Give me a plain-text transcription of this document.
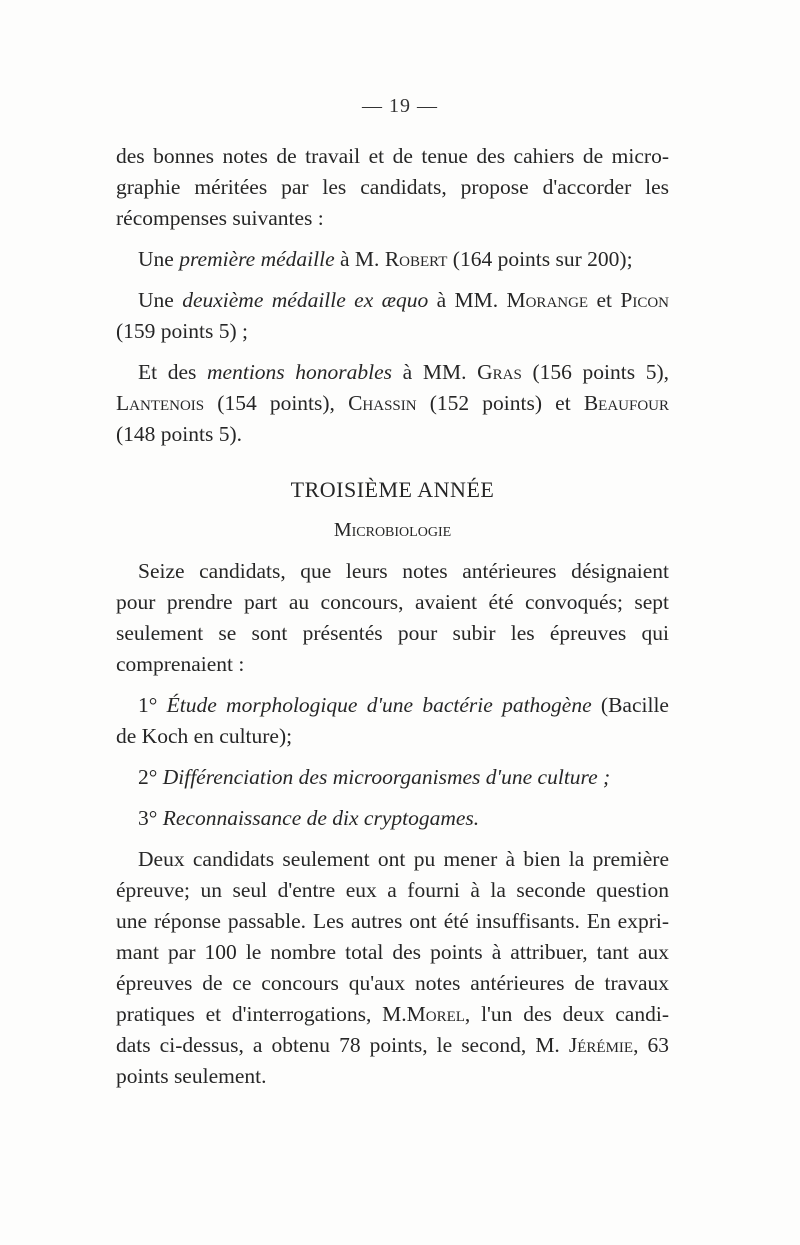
— 19 —
des bonnes notes de travail et de tenue des cahiers de micro-
graphie méritées par les candidats, propose d'accorder les
récompenses suivantes :
Une première médaille à M. Robert (164 points sur 200);
Une deuxième médaille ex æquo à MM. Morange et Picon
(159 points 5) ;
Et des mentions honorables à MM. Gras (156 points 5),
Lantenois (154 points), Chassin (152 points) et Beaufour
(148 points 5).
TROISIÈME ANNÉE
Microbiologie
Seize candidats, que leurs notes antérieures désignaient
pour prendre part au concours, avaient été convoqués; sept
seulement se sont présentés pour subir les épreuves qui
comprenaient :
1° Étude morphologique d'une bactérie pathogène (Bacille
de Koch en culture);
2° Différenciation des microorganismes d'une culture ;
3° Reconnaissance de dix cryptogames.
Deux candidats seulement ont pu mener à bien la première
épreuve; un seul d'entre eux a fourni à la seconde question
une réponse passable. Les autres ont été insuffisants. En expri-
mant par 100 le nombre total des points à attribuer, tant aux
épreuves de ce concours qu'aux notes antérieures de travaux
pratiques et d'interrogations, M.Morel, l'un des deux candi-
dats ci-dessus, a obtenu 78 points, le second, M. Jérémie, 63
points seulement.
